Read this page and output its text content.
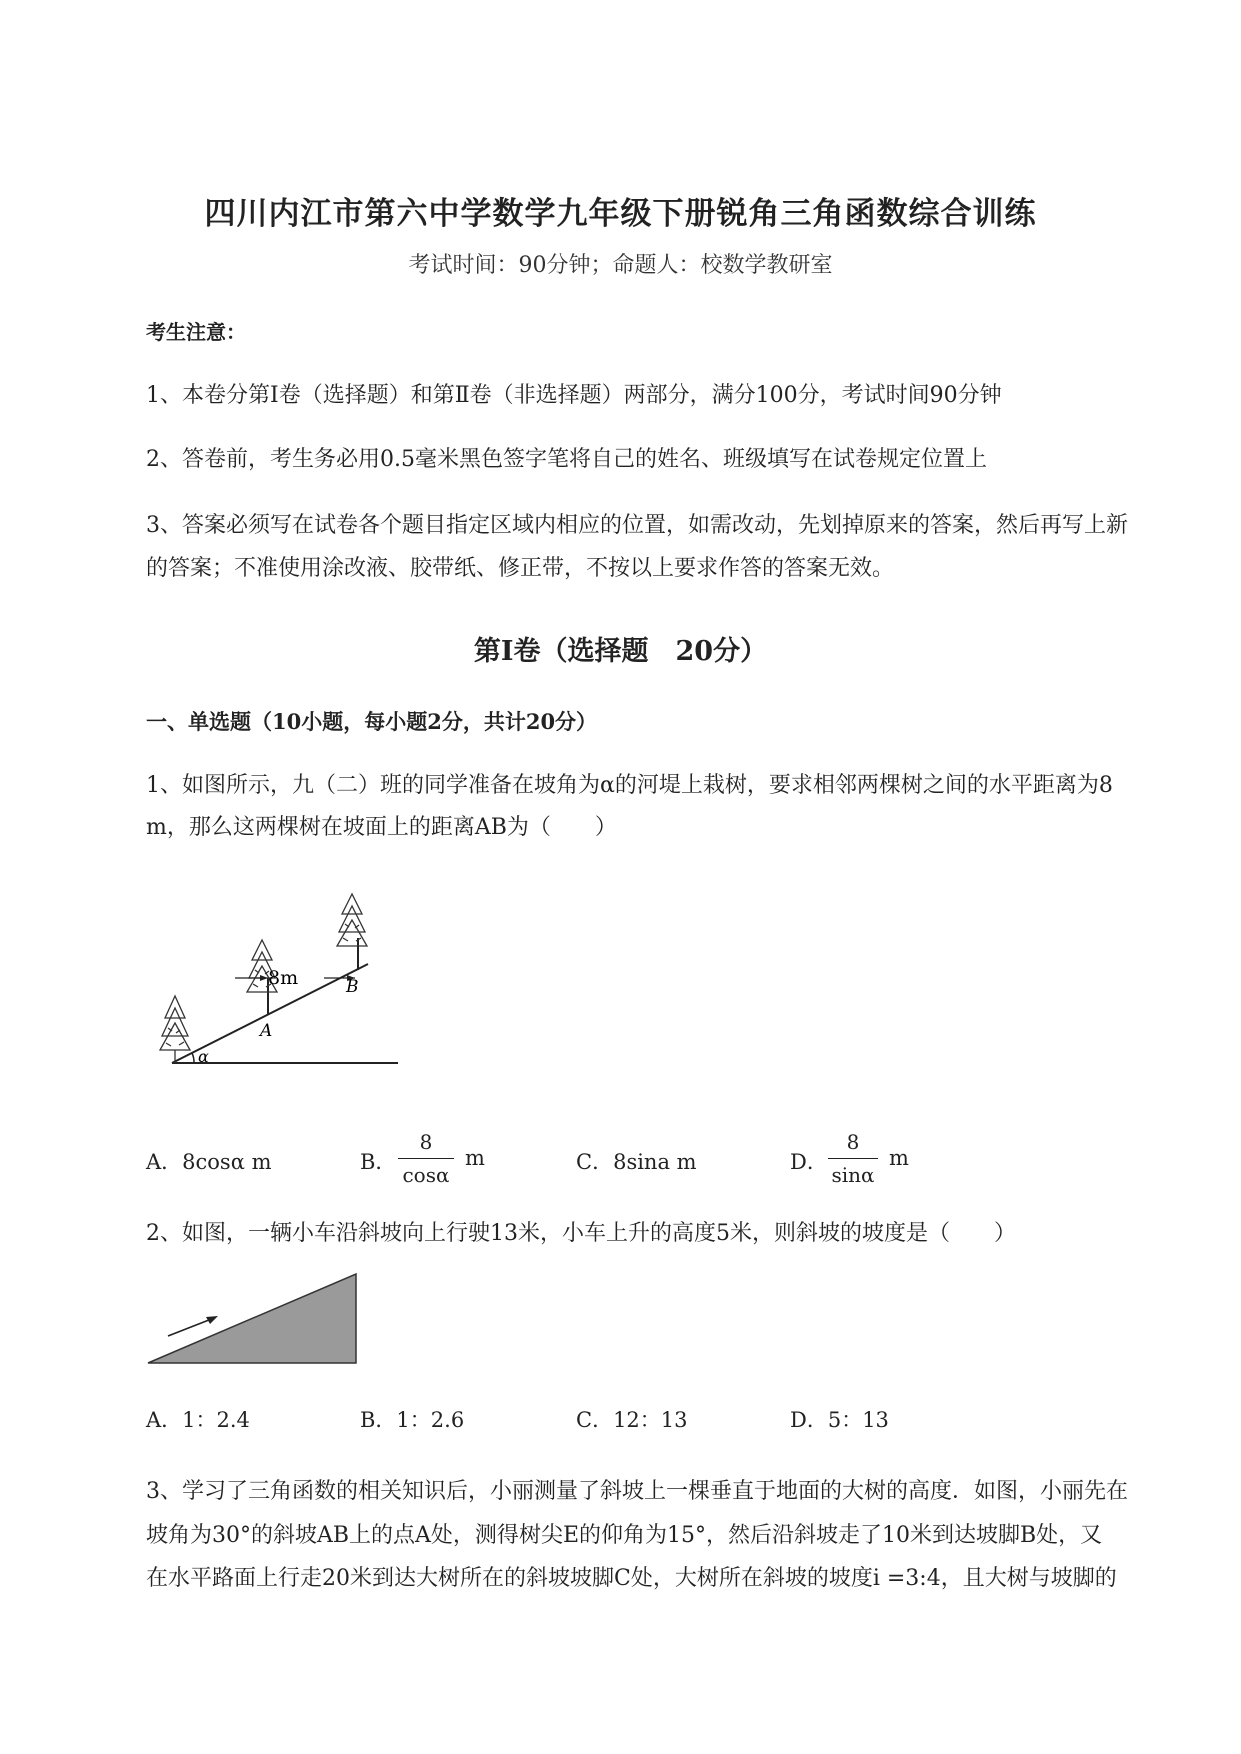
四川内江市第六中学数学九年级下册锐角三角函数综合训练
考试时间：90分钟；命题人：校数学教研室
考生注意：
1、本卷分第Ⅰ卷（选择题）和第Ⅱ卷（非选择题）两部分，满分100分，考试时间90分钟
2、答卷前，考生务必用0.5毫米黑色签字笔将自己的姓名、班级填写在试卷规定位置上
3、答案必须写在试卷各个题目指定区域内相应的位置，如需改动，先划掉原来的答案，然后再写上新
的答案；不准使用涂改液、胶带纸、修正带，不按以上要求作答的答案无效。
第Ⅰ卷（选择题　20分）
一、单选题（10小题，每小题2分，共计20分）
1、如图所示，九（二）班的同学准备在坡角为α的河堤上栽树，要求相邻两棵树之间的水平距离为8
m，那么这两棵树在坡面上的距离AB为（　　）
8m
A
B
α
A．8cosα m	B．
8
cosα
m	C．8sina m	D．
8
sinα
m
2、如图，一辆小车沿斜坡向上行驶13米，小车上升的高度5米，则斜坡的坡度是（　　）
A．1：2.4	B．1：2.6	C．12：13	D．5：13
3、学习了三角函数的相关知识后，小丽测量了斜坡上一棵垂直于地面的大树的高度．如图，小丽先在
坡角为30°的斜坡AB上的点A处，测得树尖E的仰角为15°，然后沿斜坡走了10米到达坡脚B处，又
在水平路面上行走20米到达大树所在的斜坡坡脚C处，大树所在斜坡的坡度i =3:4，且大树与坡脚的
